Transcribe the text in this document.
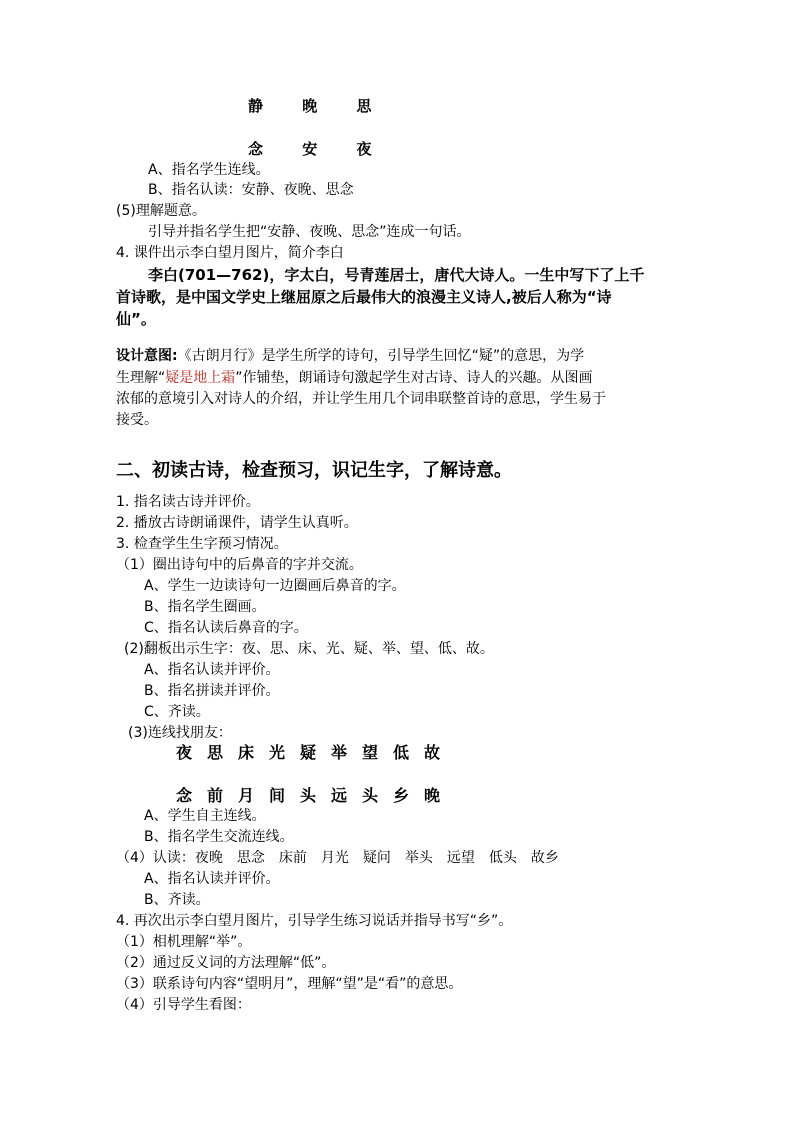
静	晚	思
念	安	夜
A、指名学生连线。
B、指名认读：安静、夜晚、思念
(5)理解题意。
引导并指名学生把“安静、夜晚、思念”连成一句话。
4. 课件出示李白望月图片，简介李白
李白(701—762)，字太白，号青莲居士，唐代大诗人。一生中写下了上千
首诗歌，是中国文学史上继屈原之后最伟大的浪漫主义诗人,被后人称为“诗
仙”。
设计意图:《古朗月行》是学生所学的诗句，引导学生回忆“疑”的意思，为学
生理解“疑是地上霜”作铺垫，朗诵诗句激起学生对古诗、诗人的兴趣。从图画
浓郁的意境引入对诗人的介绍，并让学生用几个词串联整首诗的意思，学生易于
接受。
二、初读古诗，检查预习，识记生字，了解诗意。
1. 指名读古诗并评价。
2. 播放古诗朗诵课件，请学生认真听。
3. 检查学生生字预习情况。
（1）圈出诗句中的后鼻音的字并交流。
A、学生一边读诗句一边圈画后鼻音的字。
B、指名学生圈画。
C、指名认读后鼻音的字。
(2)翻板出示生字：夜、思、床、光、疑、举、望、低、故。
A、指名认读并评价。
B、指名拼读并评价。
C、齐读。
(3)连线找朋友：
夜 思 床 光 疑 举 望 低 故
念 前 月 间 头 远 头 乡 晚
A、学生自主连线。
B、指名学生交流连线。
（4）认读：夜晚　思念　床前　月光　疑问　举头　远望　低头　故乡
A、指名认读并评价。
B、齐读。
4. 再次出示李白望月图片，引导学生练习说话并指导书写“乡”。
（1）相机理解“举”。
（2）通过反义词的方法理解“低”。
（3）联系诗句内容“望明月”，理解“望”是“看”的意思。
（4）引导学生看图：
